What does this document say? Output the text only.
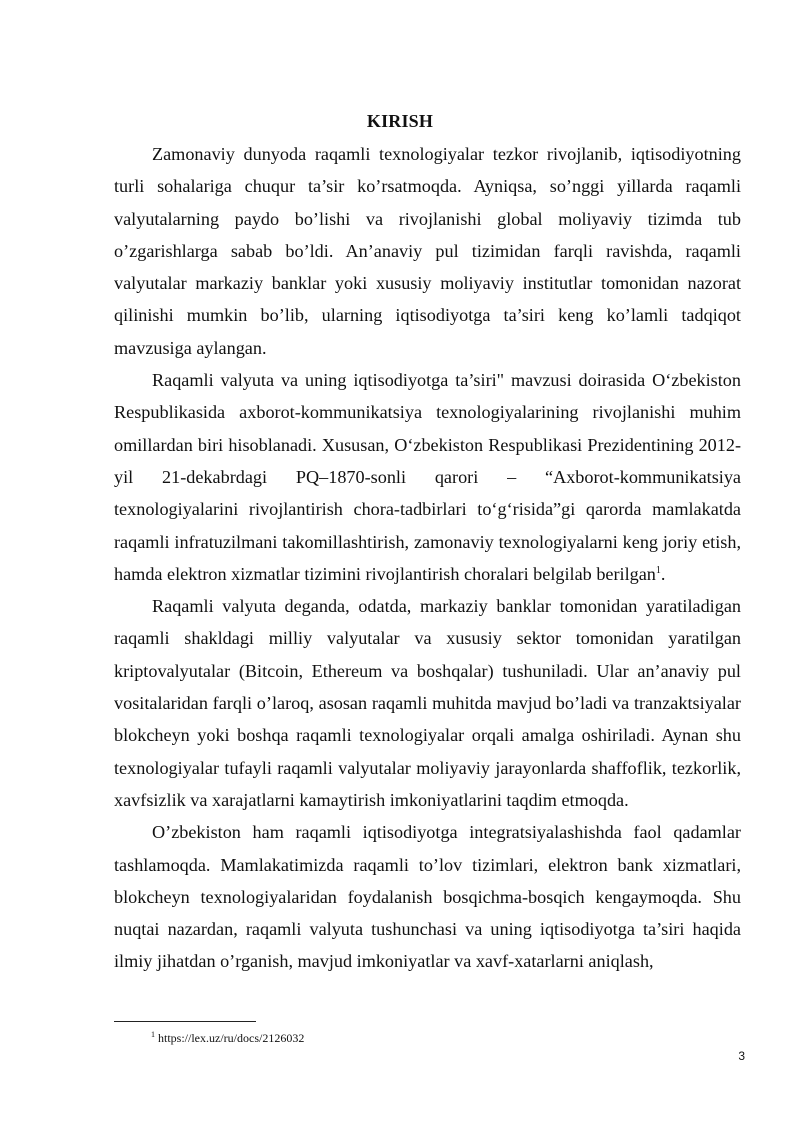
KIRISH

Zamonaviy dunyoda raqamli texnologiyalar tezkor rivojlanib, iqtisodiyotning turli sohalariga chuqur ta’sir ko’rsatmoqda. Ayniqsa, so’nggi yillarda raqamli valyutalarning paydo bo’lishi va rivojlanishi global moliyaviy tizimda tub o’zgarishlarga sabab bo’ldi. An’anaviy pul tizimidan farqli ravishda, raqamli valyutalar markaziy banklar yoki xususiy moliyaviy institutlar tomonidan nazorat qilinishi mumkin bo’lib, ularning iqtisodiyotga ta’siri keng ko’lamli tadqiqot mavzusiga aylangan.

Raqamli valyuta va uning iqtisodiyotga ta’siri" mavzusi doirasida O‘zbekiston Respublikasida axborot-kommunikatsiya texnologiyalarining rivojlanishi muhim omillardan biri hisoblanadi. Xususan, O‘zbekiston Respublikasi Prezidentining 2012-yil 21-dekabrdagi PQ–1870-sonli qarori – “Axborot-kommunikatsiya texnologiyalarini rivojlantirish chora-tadbirlari to‘g‘risida”gi qarorda mamlakatda raqamli infratuzilmani takomillashtirish, zamonaviy texnologiyalarni keng joriy etish, hamda elektron xizmatlar tizimini rivojlantirish choralari belgilab berilgan$^1$.

Raqamli valyuta deganda, odatda, markaziy banklar tomonidan yaratiladigan raqamli shakldagi milliy valyutalar va xususiy sektor tomonidan yaratilgan kriptovalyutalar (Bitcoin, Ethereum va boshqalar) tushuniladi. Ular an’anaviy pul vositalaridan farqli o’laroq, asosan raqamli muhitda mavjud bo’ladi va tranzaktsiyalar blokcheyn yoki boshqa raqamli texnologiyalar orqali amalga oshiriladi. Aynan shu texnologiyalar tufayli raqamli valyutalar moliyaviy jarayonlarda shaffoflik, tezkorlik, xavfsizlik va xarajatlarni kamaytirish imkoniyatlarini taqdim etmoqda.

O’zbekiston ham raqamli iqtisodiyotga integratsiyalashishda faol qadamlar tashlamoqda. Mamlakatimizda raqamli to’lov tizimlari, elektron bank xizmatlari, blokcheyn texnologiyalaridan foydalanish bosqichma-bosqich kengaymoqda. Shu nuqtai nazardan, raqamli valyuta tushunchasi va uning iqtisodiyotga ta’siri haqida ilmiy jihatdan o’rganish, mavjud imkoniyatlar va xavf-xatarlarni aniqlash,

$^1$ https://lex.uz/ru/docs/2126032
3
